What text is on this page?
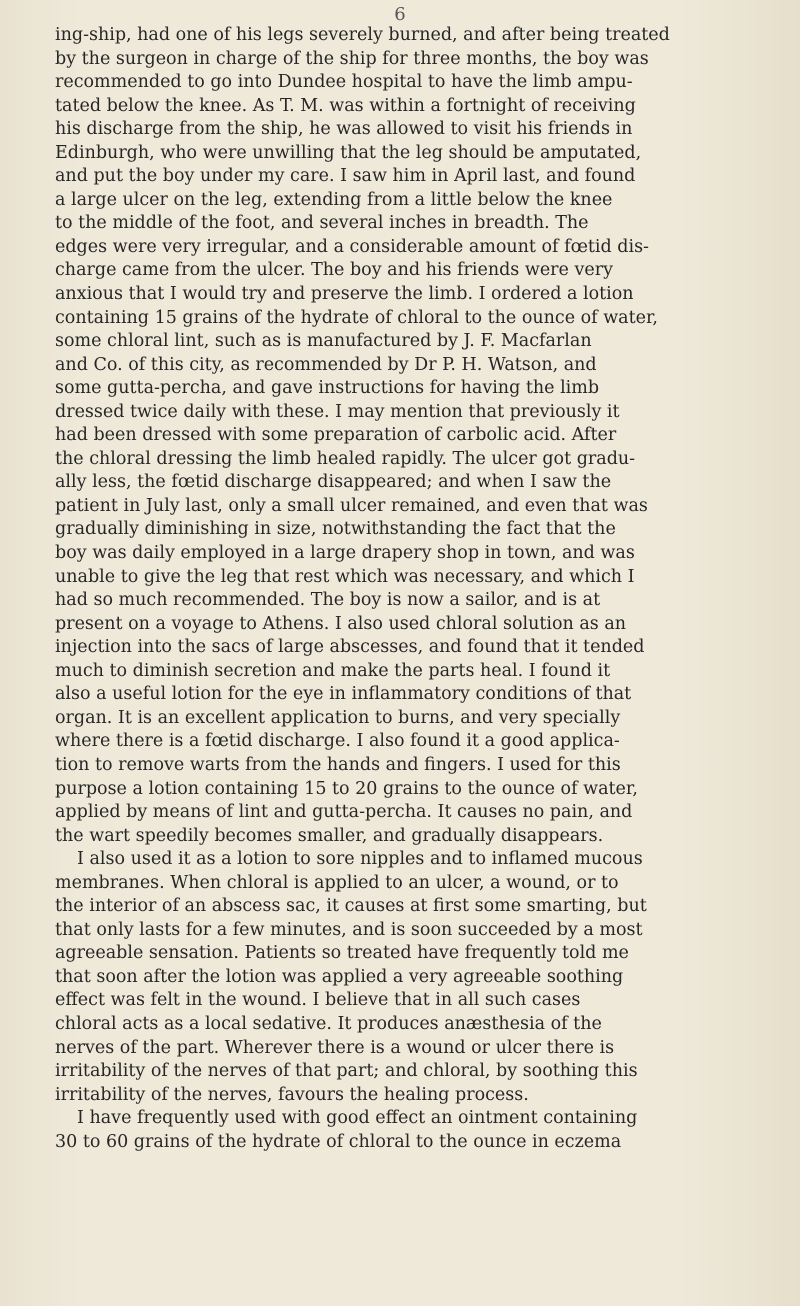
6
ing-ship, had one of his legs severely burned, and after being treated
by the surgeon in charge of the ship for three months, the boy was
recommended to go into Dundee hospital to have the limb ampu-
tated below the knee. As T. M. was within a fortnight of receiving
his discharge from the ship, he was allowed to visit his friends in
Edinburgh, who were unwilling that the leg should be amputated,
and put the boy under my care. I saw him in April last, and found
a large ulcer on the leg, extending from a little below the knee
to the middle of the foot, and several inches in breadth. The
edges were very irregular, and a considerable amount of fœtid dis-
charge came from the ulcer. The boy and his friends were very
anxious that I would try and preserve the limb. I ordered a lotion
containing 15 grains of the hydrate of chloral to the ounce of water,
some chloral lint, such as is manufactured by J. F. Macfarlan
and Co. of this city, as recommended by Dr P. H. Watson, and
some gutta-percha, and gave instructions for having the limb
dressed twice daily with these. I may mention that previously it
had been dressed with some preparation of carbolic acid. After
the chloral dressing the limb healed rapidly. The ulcer got gradu-
ally less, the fœtid discharge disappeared; and when I saw the
patient in July last, only a small ulcer remained, and even that was
gradually diminishing in size, notwithstanding the fact that the
boy was daily employed in a large drapery shop in town, and was
unable to give the leg that rest which was necessary, and which I
had so much recommended. The boy is now a sailor, and is at
present on a voyage to Athens. I also used chloral solution as an
injection into the sacs of large abscesses, and found that it tended
much to diminish secretion and make the parts heal. I found it
also a useful lotion for the eye in inflammatory conditions of that
organ. It is an excellent application to burns, and very specially
where there is a fœtid discharge. I also found it a good applica-
tion to remove warts from the hands and fingers. I used for this
purpose a lotion containing 15 to 20 grains to the ounce of water,
applied by means of lint and gutta-percha. It causes no pain, and
the wart speedily becomes smaller, and gradually disappears.
I also used it as a lotion to sore nipples and to inflamed mucous
membranes. When chloral is applied to an ulcer, a wound, or to
the interior of an abscess sac, it causes at first some smarting, but
that only lasts for a few minutes, and is soon succeeded by a most
agreeable sensation. Patients so treated have frequently told me
that soon after the lotion was applied a very agreeable soothing
effect was felt in the wound. I believe that in all such cases
chloral acts as a local sedative. It produces anæsthesia of the
nerves of the part. Wherever there is a wound or ulcer there is
irritability of the nerves of that part; and chloral, by soothing this
irritability of the nerves, favours the healing process.
I have frequently used with good effect an ointment containing
30 to 60 grains of the hydrate of chloral to the ounce in eczema
